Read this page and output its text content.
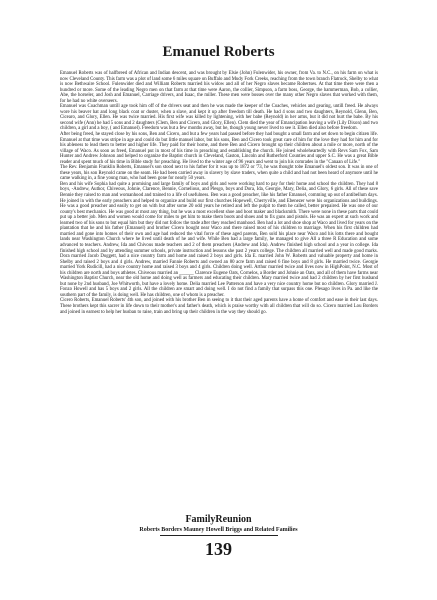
Emanuel Roberts

Emanuel Roberts was of halfbreed of African and Indian descent, and was brought by Elsie (John) Fulenwider, his owner, from Va. to N.C., on his farm on what is now Cleveland County. This farm was a plot of land some 6 miles square on Buffalo and Mudy Fork Creeks, reaching from the town branch Flatrock, Shelby to what is now Bethwaire School. Fulenwider died and William Roberts married his widow and all of her Negro slaves became Robertses. At that time there were then a hundred or more. Some of the leading Negro men on that farm at that time were Aaron, the collier, Simpson, a farm boss, George, the hammerman, Bob, a collier, Abe, the horseler, and Josh and Emanuel, Carriage drivers, and Isaac, the miller. These men were bosses over the many other Negro slaves that worked with them, for he had no white overseers.

Emanuel was Coachman untill age took him off of the drivers seat and then he was made the keeper of the Coaches, vehicles and gearing, untill freed. He always wore his beaver hat and long black coat or duster, when a slave, and kept it up after freedom till death. He had 4 sons and two daughters, Reynold, Glenn, Ben, Cicearo, and Glory, Ellen. He was twice married. His first wife was killed by lightening, with her babe (Reynold) in her arms, but it did not hurt the babe. By his second wife (Ann) he had 5 sons and 2 daughters (Clem, Ben and Cicero, and Glory, Ellen). Clem died the year of Emancipation leaving a wife (Lily Dixon) and two children, a girl and a boy, ( and Emanuel). Freedom was but a few months away, but he, though young never lived to see it. Ellen died also before freedom.

After being freed, he stayed close by his sons, Ben and Cicero, and but a few years had passed before they had bought a small farm and set down to begin citizen life. Emanuel at that time was stripe in age and could do but little manuel labor, but his sons, Ben and Cicero took great care of him for the love they had for him and for his ableness to lead them to better and higher life. They paid for their home, and there Ben and Cicero brought up their children about a mile or more, north of the village of Waco. As soon as freed, Emanuel put in most of his time in preaching and establishing the church. He joined wholeheartedly with Revs Sam Fox, Sam Hunter and Andrew Johnson and helped to organize the Baptist church in Cleveland, Gaston, Lincoln and Rutherford Counties and upper S.C. He was a great Bible reader and spent much of his time in Bible study for preaching. He lived to the winter age of 96 years and went to join his comrades in the "Canaan of Life."

The Rev. Benjamin Franklin Roberts, Emanuel's son stood next to his father for it was up to 1872 or '73, he was thought tobe Emanuel's oldest son. It was in one of these years, his son Reynold came on the seam. He had been carried away in slavery by slave traders, when quite a child and had not been heard of anymore until he came walking in, a fine young man, who had been gone for nearly 50 years.

Ben and his wife Sophia had quite a promising and large family of boys and girls and were working hard to pay for their home and school the children. They had 8 boys, -Andrew, Author, Chiveous, Johnie, Clarence, Bennie, Cornelious, and Plesgo, boys and Dora, Ida, Georgie, Mary, Delia, and Glory, 6 girls. All of these save Bennie they raised to man and womanhood and trained to a life of usefulness. Ben was a good preacher, like his father Emanuel, comming up out of antibellum days. He joined in with the early preachers and helped to organize and build our first churches Hopewell, Cherryville, and Ebenezer were his organizations and buildings. He was a good preacher and easily to get on with but after some 20 odd years he retired and left the pulpit to them he called, better prepaired. He was one of our county's best mechanics. He was good at most any thing, but he was a most excellent shoe and boot maker and blacksmith. There were none in these parts that could put up a better job. Men and women would come for miles to get him to make them boots and shoes and to fix guns and pistols. He was an expert at such work and learned two of his sons to but equal him but they did not follow the trade after they reached manhood. Ben had a lot and shoe shop at Waco and lived for years on the plantation that he and his father (Emanuel) and brother Cicero bought near Waco and there raised most of his children to marriage. When his first children had married and gone into homes of their own and age had reduced the vital force of these aged parents, Ben sold his place near Waco and his lotts there and bought lands near Washington Church where he lived until death of he and wife. While Ben had a large family, he managed to give All a three R Education and some advanced to teachers. Andrew, Ida and Chivous made teachers and 2 of them preachers (Andrew and Ida). Andrew finished high school and a year in college. Ida finished high school and by attending summer schools, private instruction and lessons she past 2 years college. The children all married well and made good marks. Dora married Jacob Doggett, had a nice country farm and home and raised 2 boys and girls. Ida E. married John W. Roberts and valuable property and home in Shelby and raised 2 boys and 4 girls. Andrew, married Fannie Roberts and owned an 80 acre farm and raised 6 fine boys and 8 girls. He married twice. Georgie married York Rudicill, had a nice country home and raised 3 boys and 4 girls. Children doing well. Arthur married twice and lives now in HighPoint, N.C. Most of his children are north and boys athletes. Chiveous married an ______ Clarence Eugene Oats, Cornelos, a Border and Johnie an Oats, and all of them have farms near Washington Baptist Church, near the old home and doing well as farmers and educating their children. Mary married twice and had 2 children by her first husband but none by 2nd husband, Joe Whitworth, but have a lovely home. Delia married Lee Patterson and have a very nice country home but no children. Glory married J. Fonzo Howell and has 5 boys and 2 girls. All the children are smart and doing well. I do not find a family that surpass this one. Plesago lives in Pa. and like the southern part of the family, is doing well. He has children, one of whom is a preacher.

Cicero Roberts, Emanuel Roberts' 4th son, and joined with his brother Ben in seeing to it that their aged parents have a home of comfort and ease in their last days. These brothers kept this sacrer in life down to their mother's and father's death, which is praise worthy with all children that will do so. Cicero married Lou Borders and joined in earnest to help her husban to raise, train and bring up their children in the way they should go.

FamilyReunion
Roberts Borders Mauney Howell Briggs and Related Families
139
